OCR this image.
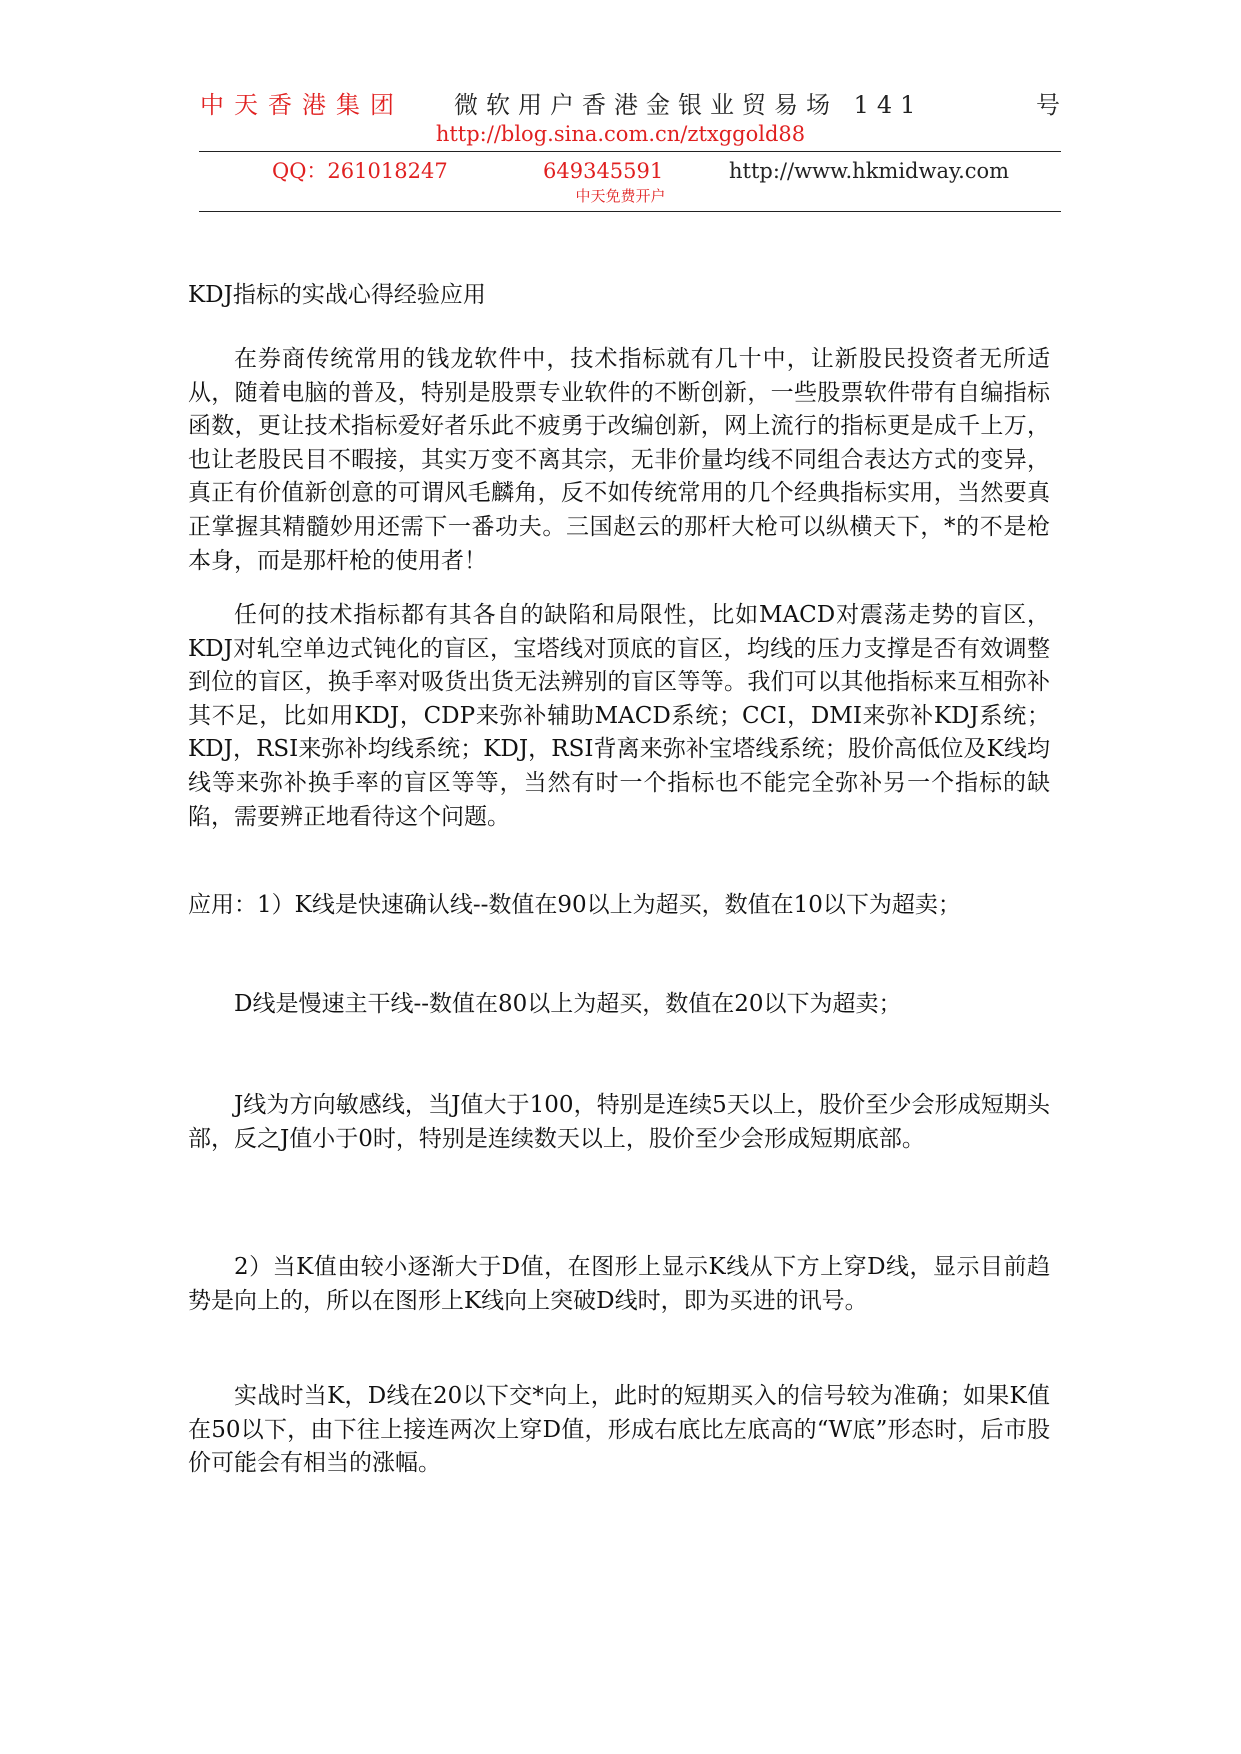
中天香港集团 微软用户香港金银业贸易场 141	号
http://blog.sina.com.cn/ztxggold88
QQ：261018247	649345591	http://www.hkmidway.com
中天免费开户
KDJ指标的实战心得经验应用

在券商传统常用的钱龙软件中，技术指标就有几十中，让新股民投资者无所适从，随着电脑的普及，特别是股票专业软件的不断创新，一些股票软件带有自编指标函数，更让技术指标爱好者乐此不疲勇于改编创新，网上流行的指标更是成千上万，也让老股民目不暇接，其实万变不离其宗，无非价量均线不同组合表达方式的变异，真正有价值新创意的可谓风毛麟角，反不如传统常用的几个经典指标实用，当然要真正掌握其精髓妙用还需下一番功夫。三国赵云的那杆大枪可以纵横天下，*的不是枪本身，而是那杆枪的使用者！

任何的技术指标都有其各自的缺陷和局限性，比如MACD对震荡走势的盲区，KDJ对轧空单边式钝化的盲区，宝塔线对顶底的盲区，均线的压力支撑是否有效调整到位的盲区，换手率对吸货出货无法辨别的盲区等等。我们可以其他指标来互相弥补其不足，比如用KDJ，CDP来弥补辅助MACD系统；CCI，DMI来弥补KDJ系统；KDJ，RSI来弥补均线系统；KDJ，RSI背离来弥补宝塔线系统；股价高低位及K线均线等来弥补换手率的盲区等等，当然有时一个指标也不能完全弥补另一个指标的缺陷，需要辨正地看待这个问题。

应用：1）K线是快速确认线--数值在90以上为超买，数值在10以下为超卖；

D线是慢速主干线--数值在80以上为超买，数值在20以下为超卖；

J线为方向敏感线，当J值大于100，特别是连续5天以上，股价至少会形成短期头部，反之J值小于0时，特别是连续数天以上，股价至少会形成短期底部。

2）当K值由较小逐渐大于D值，在图形上显示K线从下方上穿D线，显示目前趋势是向上的，所以在图形上K线向上突破D线时，即为买进的讯号。

实战时当K，D线在20以下交*向上，此时的短期买入的信号较为准确；如果K值在50以下，由下往上接连两次上穿D值，形成右底比左底高的“W底”形态时，后市股价可能会有相当的涨幅。
